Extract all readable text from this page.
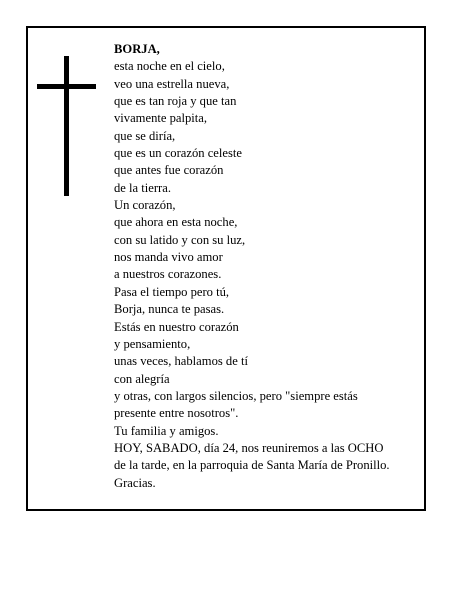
BORJA,
esta noche en el cielo,
veo una estrella nueva,
que es tan roja y que tan
vivamente palpita,
que se diría,
que es un corazón celeste
que antes fue corazón
de la tierra.
Un corazón,
que ahora en esta noche,
con su latido y con su luz,
nos manda vivo amor
a nuestros corazones.
Pasa el tiempo pero tú,
Borja, nunca te pasas.
Estás en nuestro corazón
y pensamiento,
unas veces, hablamos de tí
con alegría
y otras, con largos silencios, pero "siempre estás
presente entre nosotros".
Tu familia y amigos.
HOY, SABADO, día 24, nos reuniremos a las OCHO
de la tarde, en la parroquia de Santa María de Pronillo.
Gracias.
